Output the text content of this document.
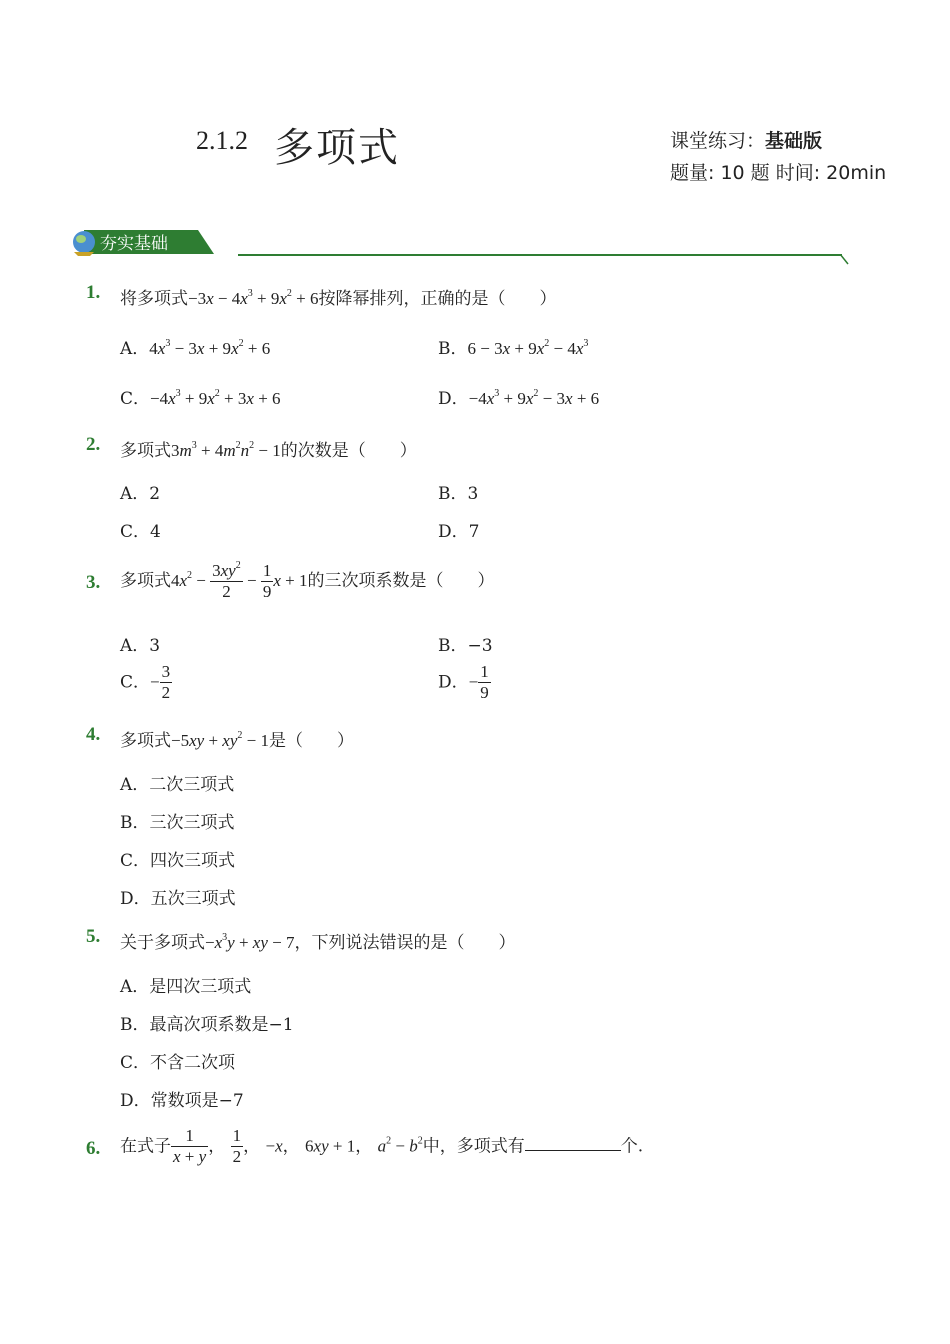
2.1.2 多项式	课堂练习：基础版
题量: 10 题 时间: 20min
夯实基础
1. 将多项式$-3x - 4x^3 + 9x^2 + 6$按降幂排列，正确的是（　　）
A．$4x^3 - 3x + 9x^2 + 6$	B．$6 - 3x + 9x^2 - 4x^3$
C．$-4x^3 + 9x^2 + 3x + 6$	D．$-4x^3 + 9x^2 - 3x + 6$
2. 多项式$3m^3 + 4m^2n^2 - 1$的次数是（　　）
A．2	B．3
C．4	D．7
3. 多项式$4x^2 - \frac{3xy^2}{2} - \frac{1}{9}$ x + 1的三次项系数是（　　）
A．3	B．−3
C．− $\frac{3}{2}$	D．− $\frac{1}{9}$
4. 多项式$-5xy + xy^2 - 1$是（　　）
A．二次三项式
B．三次三项式
C．四次三项式
D．五次三项式
5. 关于多项式$-x^3y$ + xy − 7，下列说法错误的是（　　）
A．是四次三项式
B．最高次项系数是−1
C．不含二次项
D．常数项是−7
6. 在式子 $\frac{1}{x + y}$ ， $\frac{1}{2}$ ， −x， 6xy + 1， $a^2 - b^2$中，多项式有	个.
